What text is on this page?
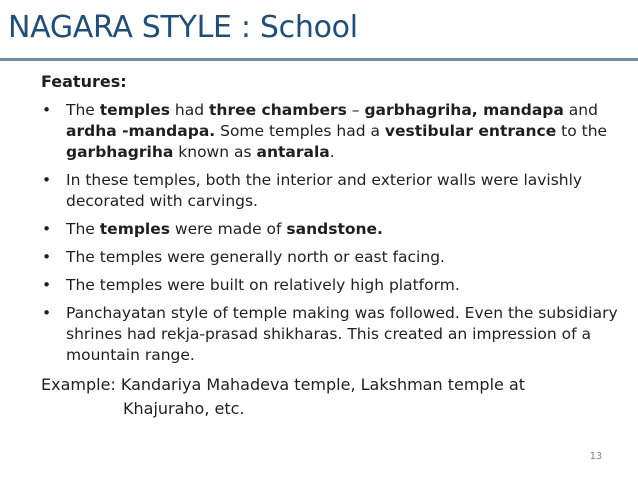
NAGARA STYLE : School
Features:
• The temples had three chambers – garbhagriha, mandapa and ardha -mandapa. Some temples had a vestibular entrance to the garbhagriha known as antarala.
• In these temples, both the interior and exterior walls were lavishly decorated with carvings.
• The temples were made of sandstone.
• The temples were generally north or east facing.
• The temples were built on relatively high platform.
• Panchayatan style of temple making was followed. Even the subsidiary shrines had rekja-prasad shikharas. This created an impression of a mountain range.
Example: Kandariya Mahadeva temple, Lakshman temple at
Khajuraho, etc.
13
